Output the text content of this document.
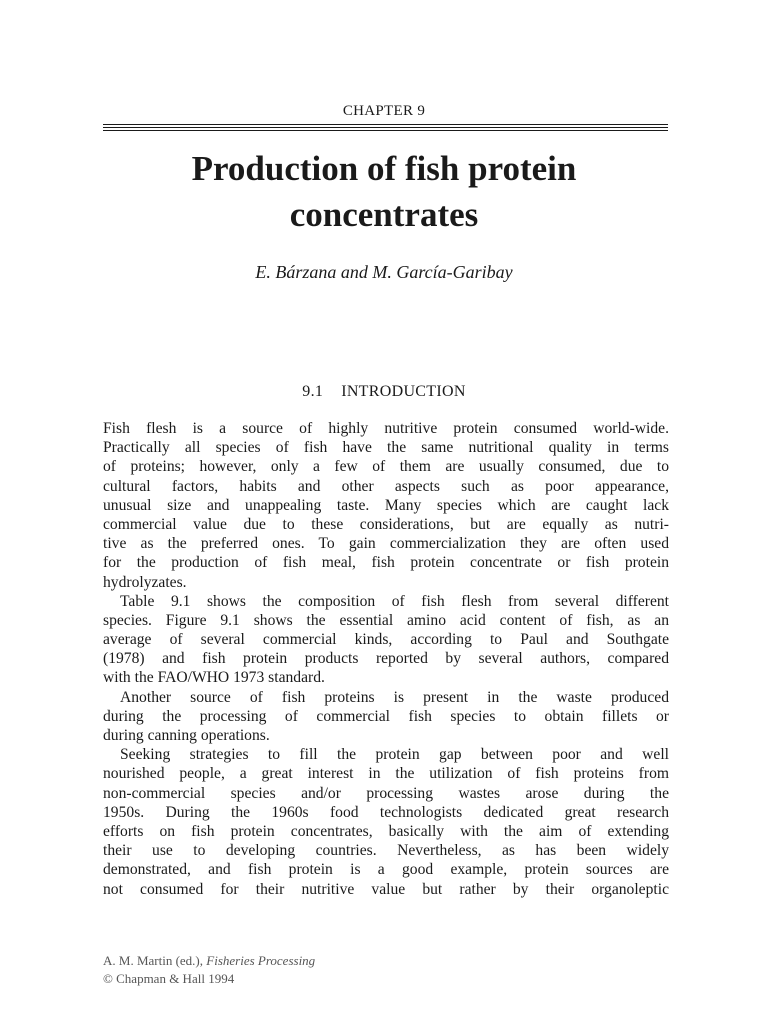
CHAPTER 9
Production of fish protein
concentrates
E. Bárzana and M. García-Garibay
9.1 INTRODUCTION
Fish flesh is a source of highly nutritive protein consumed world-wide.
Practically all species of fish have the same nutritional quality in terms
of proteins; however, only a few of them are usually consumed, due to
cultural factors, habits and other aspects such as poor appearance,
unusual size and unappealing taste. Many species which are caught lack
commercial value due to these considerations, but are equally as nutri-
tive as the preferred ones. To gain commercialization they are often used
for the production of fish meal, fish protein concentrate or fish protein
hydrolyzates.
Table 9.1 shows the composition of fish flesh from several different
species. Figure 9.1 shows the essential amino acid content of fish, as an
average of several commercial kinds, according to Paul and Southgate
(1978) and fish protein products reported by several authors, compared
with the FAO/WHO 1973 standard.
Another source of fish proteins is present in the waste produced
during the processing of commercial fish species to obtain fillets or
during canning operations.
Seeking strategies to fill the protein gap between poor and well
nourished people, a great interest in the utilization of fish proteins from
non-commercial species and/or processing wastes arose during the
1950s. During the 1960s food technologists dedicated great research
efforts on fish protein concentrates, basically with the aim of extending
their use to developing countries. Nevertheless, as has been widely
demonstrated, and fish protein is a good example, protein sources are
not consumed for their nutritive value but rather by their organoleptic
A. M. Martin (ed.), Fisheries Processing
© Chapman & Hall 1994
